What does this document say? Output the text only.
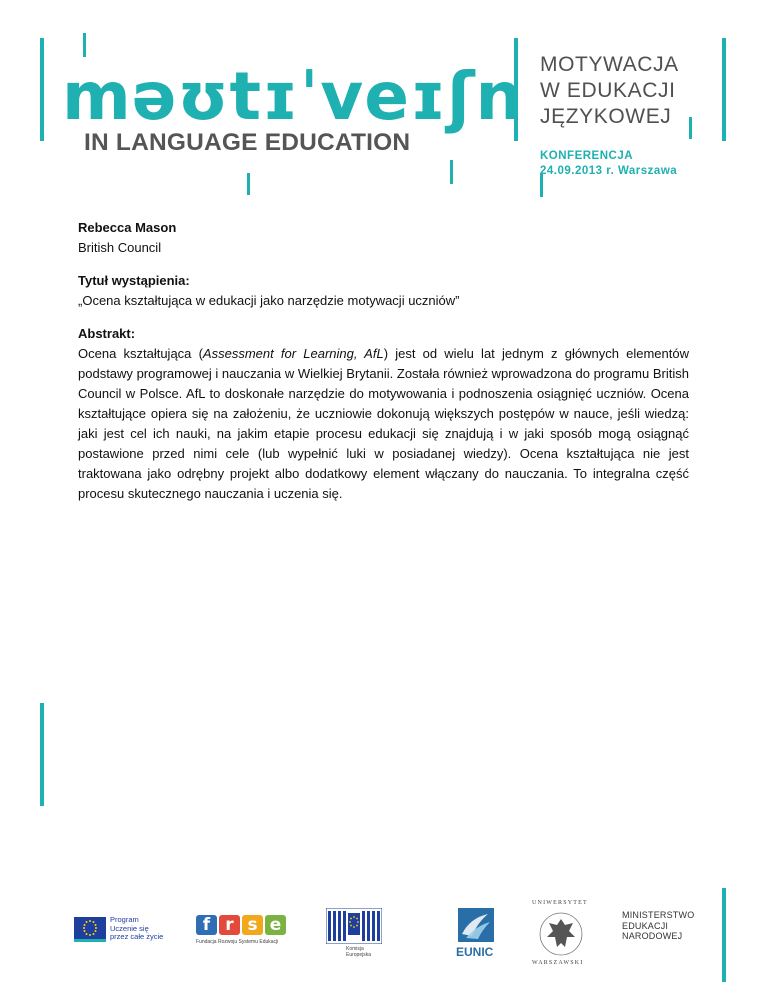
məʊtɪˈveɪʃn
IN LANGUAGE EDUCATION
MOTYWACJA
W EDUKACJI
JĘZYKOWEJ
KONFERENCJA
24.09.2013 r. Warszawa

Rebecca Mason

British Council

Tytuł wystąpienia:

„Ocena kształtująca w edukacji jako narzędzie motywacji uczniów”

Abstrakt:

Ocena kształtująca (Assessment for Learning, AfL) jest od wielu lat jednym z głównych elementów podstawy programowej i nauczania w Wielkiej Brytanii. Została również wprowadzona do programu British Council w Polsce. AfL to doskonałe narzędzie do motywowania i podnoszenia osiągnięć uczniów. Ocena kształtujące opiera się na założeniu, że uczniowie dokonują większych postępów w nauce, jeśli wiedzą: jaki jest cel ich nauki, na jakim etapie procesu edukacji się znajdują i w jaki sposób mogą osiągnąć postawione przed nimi cele (lub wypełnić luki w posiadanej wiedzy). Ocena kształtująca nie jest traktowana jako odrębny projekt albo dodatkowy element włączany do nauczania. To integralna część procesu skutecznego nauczania i uczenia się.

Program
Uczenie się
przez całe życie
f r s e
Fundacja Rozwoju Systemu Edukacji
Komisja
Europejska	EUNIC
UNIWERSYTET
WARSZAWSKI
MINISTERSTWO
EDUKACJI
NARODOWEJ
